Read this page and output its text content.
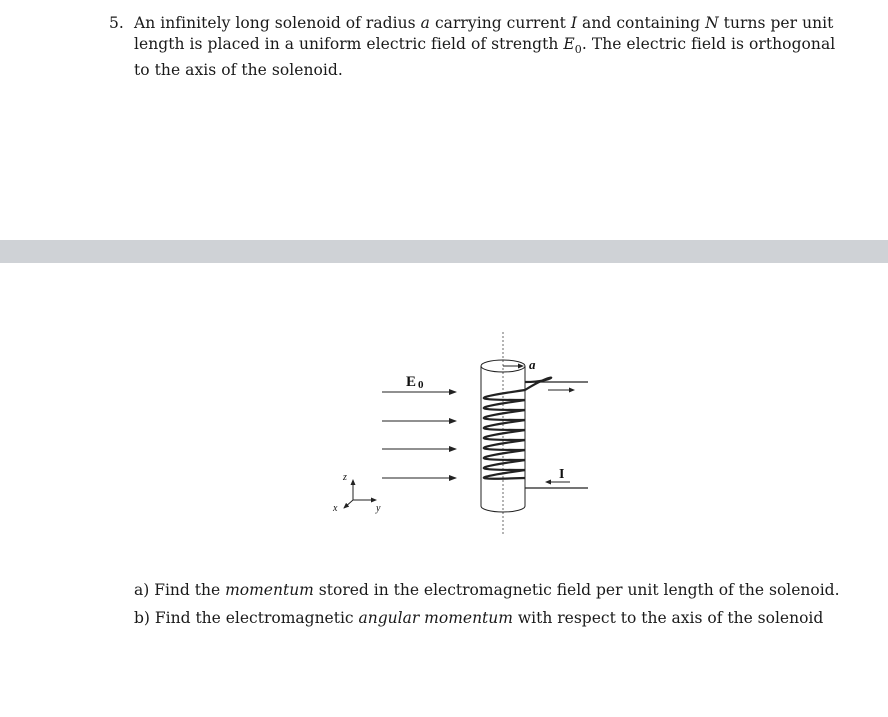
5. An infinitely long solenoid of radius a carrying current I and containing N turns per unit
length is placed in a uniform electric field of strength $E_0$. The electric field is orthogonal
to the axis of the solenoid.
E 0
a
I
z
x	y
a) Find the momentum stored in the electromagnetic field per unit length of the solenoid.
b) Find the electromagnetic angular momentum with respect to the axis of the solenoid
